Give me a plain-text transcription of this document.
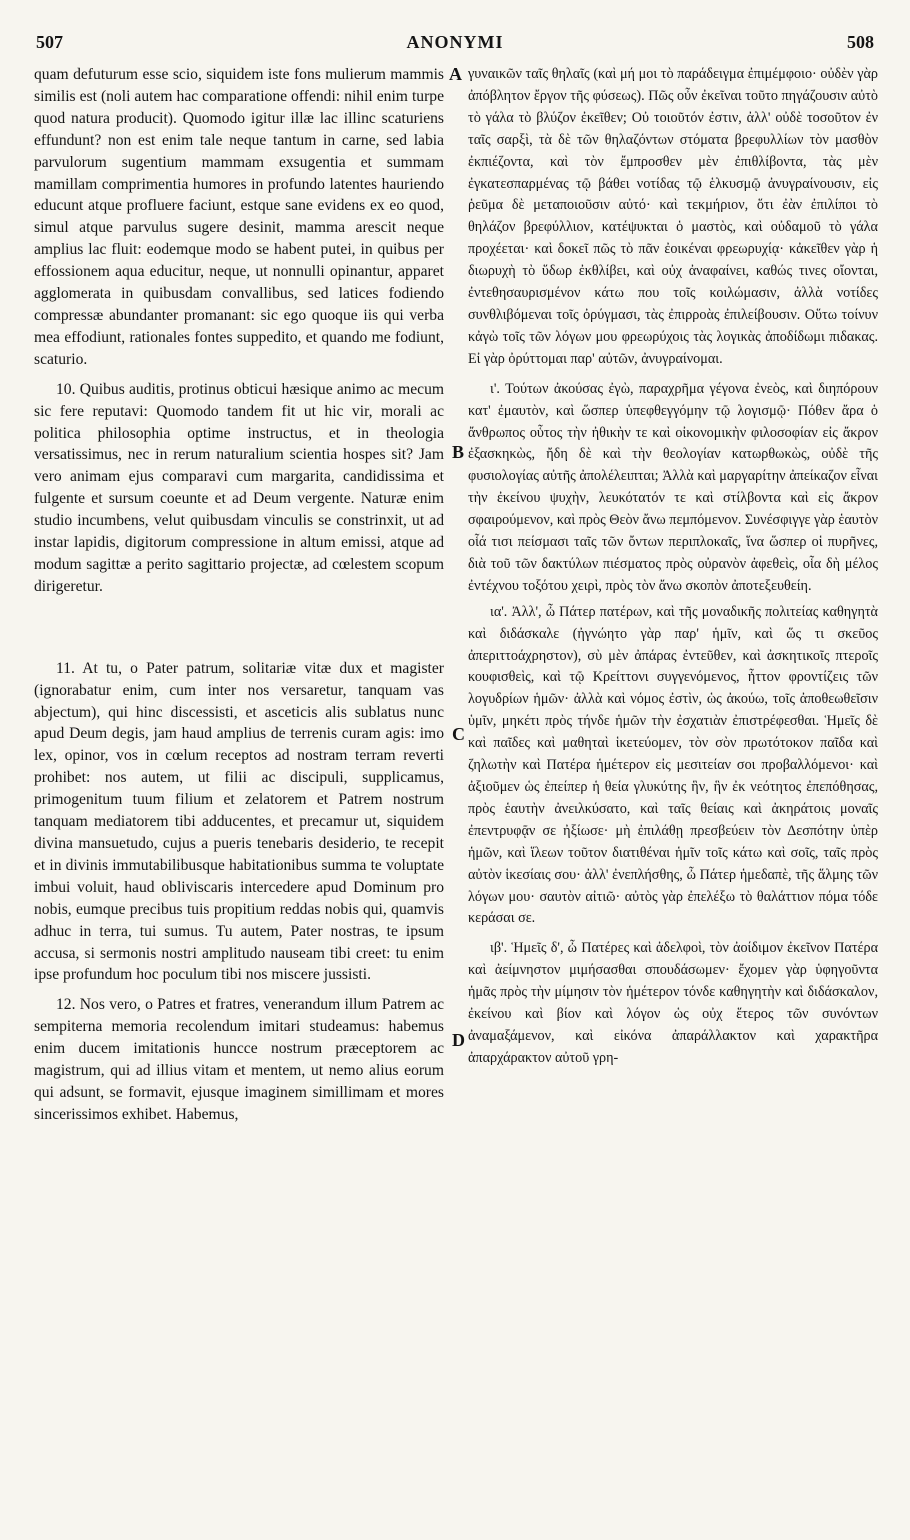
507	ANONYMI	508
A
B
C
D

quam defuturum esse scio, siquidem iste fons mulierum mammis similis est (noli autem hac comparatione offendi: nihil enim turpe quod natura producit). Quomodo igitur illæ lac illinc scaturiens effundunt? non est enim tale neque tantum in carne, sed labia parvulorum sugentium mammam exsugentia et summam mamillam comprimentia humores in profundo latentes hauriendo educunt atque profluere faciunt, estque sane evidens ex eo quod, simul atque parvulus sugere desinit, mamma arescit neque amplius lac fluit: eodemque modo se habent putei, in quibus per effossionem aqua educitur, neque, ut nonnulli opinantur, apparet agglomerata in quibusdam convallibus, sed latices fodiendo compressæ abundanter promanant: sic ego quoque iis qui verba mea effodiunt, rationales fontes suppedito, et quando me fodiunt, scaturio.

10. Quibus auditis, protinus obticui hæsique animo ac mecum sic fere reputavi: Quomodo tandem fit ut hic vir, morali ac politica philosophia optime instructus, et in theologia versatissimus, nec in rerum naturalium scientia hospes sit? Jam vero animam ejus comparavi cum margarita, candidissima et fulgente et sursum coeunte et ad Deum vergente. Naturæ enim studio incumbens, velut quibusdam vinculis se constrinxit, ut ad instar lapidis, digitorum compressione in altum emissi, atque ad modum sagittæ a perito sagittario projectæ, ad cœlestem scopum dirigeretur.

11. At tu, o Pater patrum, solitariæ vitæ dux et magister (ignorabatur enim, cum inter nos versaretur, tanquam vas abjectum), qui hinc discessisti, et asceticis alis sublatus nunc apud Deum degis, jam haud amplius de terrenis curam agis: imo lex, opinor, vos in cœlum receptos ad nostram terram reverti prohibet: nos autem, ut filii ac discipuli, supplicamus, primogenitum tuum filium et zelatorem et Patrem nostrum tanquam mediatorem tibi adducentes, et precamur ut, siquidem divina mansuetudo, cujus a pueris tenebaris desiderio, te recepit et in divinis immutabilibusque habitationibus summa te voluptate imbui voluit, haud obliviscaris intercedere apud Dominum pro nobis, eumque precibus tuis propitium reddas nobis qui, quamvis adhuc in terra, tui sumus. Tu autem, Pater nostras, te ipsum accusa, si sermonis nostri amplitudo nauseam tibi creet: tu enim ipse profundum hoc poculum tibi nos miscere jussisti.

12. Nos vero, o Patres et fratres, venerandum illum Patrem ac sempiterna memoria recolendum imitari studeamus: habemus enim ducem imitationis huncce nostrum præceptorem ac magistrum, qui ad illius vitam et mentem, ut nemo alius eorum qui adsunt, se formavit, ejusque imaginem simillimam et mores sincerissimos exhibet. Habemus,

γυναικῶν ταῖς θηλαῖς (καὶ μή μοι τὸ παράδειγμα ἐπιμέμφοιο· οὐδὲν γὰρ ἀπόβλητον ἔργον τῆς φύσεως). Πῶς οὖν ἐκεῖναι τοῦτο πηγάζουσιν αὐτὸ τὸ γάλα τὸ βλύζον ἐκεῖθεν; Οὐ τοιοῦτόν ἐστιν, ἀλλ' οὐδὲ τοσοῦτον ἐν ταῖς σαρξὶ, τὰ δὲ τῶν θηλαζόντων στόματα βρεφυλλίων τὸν μασθὸν ἐκπιέζοντα, καὶ τὸν ἔμπροσθεν μὲν ἐπιθλίβοντα, τὰς μὲν ἐγκατεσπαρμένας τῷ βάθει νοτίδας τῷ ἑλκυσμῷ ἀνυγραίνουσιν, εἰς ῥεῦμα δὲ μεταποιοῦσιν αὐτό· καὶ τεκμήριον, ὅτι ἐὰν ἐπιλίποι τὸ θηλάζον βρεφύλλιον, κατέψυκται ὁ μαστὸς, καὶ οὐδαμοῦ τὸ γάλα προχέεται· καὶ δοκεῖ πῶς τὸ πᾶν ἐοικέναι φρεωρυχίᾳ· κἀκεῖθεν γὰρ ἡ διωρυχὴ τὸ ὕδωρ ἐκθλίβει, καὶ οὐχ ἀναφαίνει, καθώς τινες οἴονται, ἐντεθησαυρισμένον κάτω που τοῖς κοιλώμασιν, ἀλλὰ νοτίδες συνθλιβόμεναι τοῖς ὀρύγμασι, τὰς ἐπιρροὰς ἐπιλείβουσιν. Οὕτω τοίνυν κἀγὼ τοῖς τῶν λόγων μου φρεωρύχοις τὰς λογικὰς ἀποδίδωμι πιδακας. Εἰ γὰρ ὀρύττομαι παρ' αὐτῶν, ἀνυγραίνομαι.

ι'. Τούτων ἀκούσας ἐγὼ, παραχρῆμα γέγονα ἐνεὸς, καὶ διηπόρουν κατ' ἐμαυτὸν, καὶ ὥσπερ ὑπεφθεγγόμην τῷ λογισμῷ· Πόθεν ἄρα ὁ ἄνθρωπος οὗτος τὴν ἠθικὴν τε καὶ οἰκονομικὴν φιλοσοφίαν εἰς ἄκρον ἐξασκηκὼς, ἤδη δὲ καὶ τὴν θεολογίαν κατωρθωκὼς, οὐδὲ τῆς φυσιολογίας αὐτῆς ἀπολέλειπται; Ἀλλὰ καὶ μαργαρίτην ἀπείκαζον εἶναι τὴν ἐκείνου ψυχὴν, λευκότατόν τε καὶ στίλβοντα καὶ εἰς ἄκρον σφαιρούμενον, καὶ πρὸς Θεὸν ἄνω πεμπόμενον. Συνέσφιγγε γὰρ ἑαυτὸν οἷά τισι πείσμασι ταῖς τῶν ὄντων περιπλοκαῖς, ἵνα ὥσπερ οἱ πυρῆνες, διὰ τοῦ τῶν δακτύλων πιέσματος πρὸς οὐρανὸν ἀφεθεὶς, οἷα δὴ μέλος ἐντέχνου τοξότου χειρὶ, πρὸς τὸν ἄνω σκοπὸν ἀποτεξευθείη.

ια'. Ἀλλ', ὦ Πάτερ πατέρων, καὶ τῆς μοναδικῆς πολιτείας καθηγητὰ καὶ διδάσκαλε (ἠγνώητο γὰρ παρ' ἡμῖν, καὶ ὥς τι σκεῦος ἀπεριττοάχρηστον), σὺ μὲν ἀπάρας ἐντεῦθεν, καὶ ἀσκητικοῖς πτεροῖς κουφισθεὶς, καὶ τῷ Κρείττονι συγγενόμενος, ἧττον φροντίζεις τῶν λογυδρίων ἡμῶν· ἀλλὰ καὶ νόμος ἐστὶν, ὡς ἀκούω, τοῖς ἀποθεωθεῖσιν ὑμῖν, μηκέτι πρὸς τήνδε ἡμῶν τὴν ἐσχατιὰν ἐπιστρέφεσθαι. Ἡμεῖς δὲ καὶ παῖδες καὶ μαθηταὶ ἱκετεύομεν, τὸν σὸν πρωτότοκον παῖδα καὶ ζηλωτὴν καὶ Πατέρα ἡμέτερον εἰς μεσιτείαν σοι προβαλλόμενοι· καὶ ἀξιοῦμεν ὡς ἐπείπερ ἡ θεία γλυκύτης ἣν, ἣν ἐκ νεότητος ἐπεπόθησας, πρὸς ἑαυτὴν ἀνειλκύσατο, καὶ ταῖς θείαις καὶ ἀκηράτοις μοναῖς ἐπεντρυφᾷν σε ἠξίωσε· μὴ ἐπιλάθῃ πρεσβεύειν τὸν Δεσπότην ὑπὲρ ἡμῶν, καὶ ἵλεων τοῦτον διατιθέναι ἡμῖν τοῖς κάτω καὶ σοῖς, ταῖς πρὸς αὐτὸν ἱκεσίαις σου· ἀλλ' ἐνεπλήσθης, ὦ Πάτερ ἡμεδαπὲ, τῆς ἅλμης τῶν λόγων μου· σαυτὸν αἰτιῶ· αὐτὸς γὰρ ἐπελέξω τὸ θαλάττιον πόμα τόδε κεράσαι σε.

ιβ'. Ἡμεῖς δ', ὦ Πατέρες καὶ ἀδελφοὶ, τὸν ἀοίδιμον ἐκεῖνον Πατέρα καὶ ἀείμνηστον μιμήσασθαι σπουδάσωμεν· ἔχομεν γὰρ ὑφηγοῦντα ἡμᾶς πρὸς τὴν μίμησιν τὸν ἡμέτερον τόνδε καθηγητὴν καὶ διδάσκαλον, ἐκείνου καὶ βίον καὶ λόγον ὡς οὐχ ἕτερος τῶν συνόντων ἀναμαξάμενον, καὶ εἰκόνα ἀπαράλλακτον καὶ χαρακτῆρα ἀπαρχάρακτον αὐτοῦ γρη-
